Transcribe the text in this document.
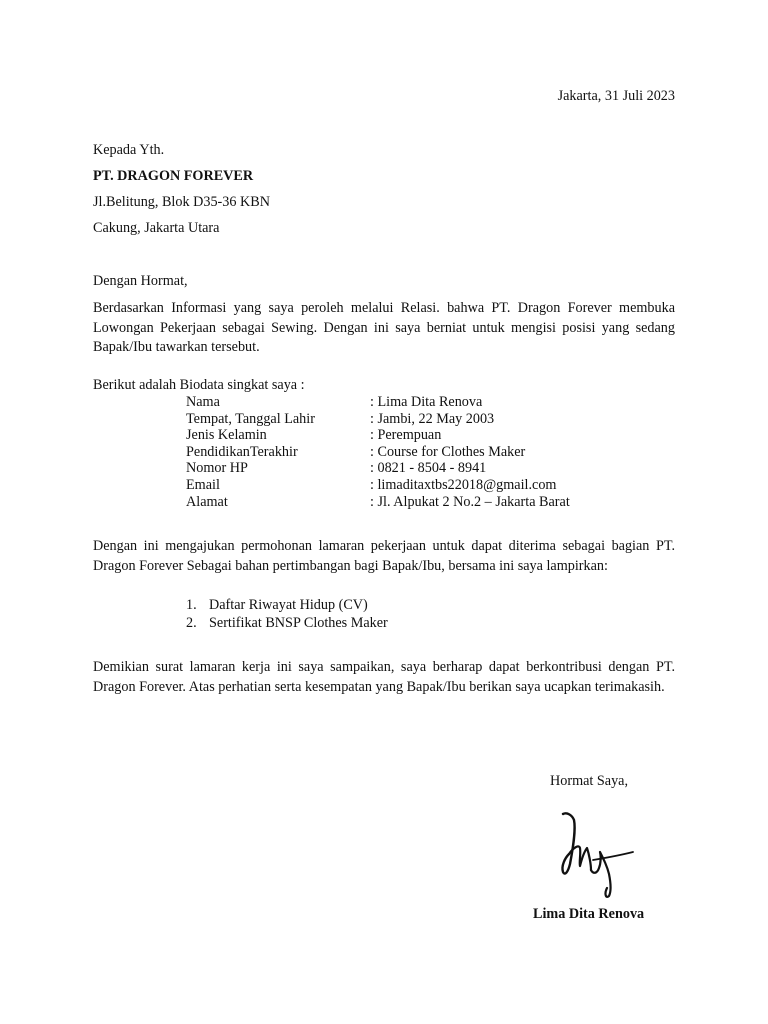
Jakarta, 31 Juli 2023

Kepada Yth.

PT. DRAGON FOREVER

Jl.Belitung, Blok D35-36 KBN

Cakung, Jakarta Utara

Dengan Hormat,

Berdasarkan Informasi yang saya peroleh melalui Relasi. bahwa PT. Dragon Forever membuka Lowongan Pekerjaan sebagai Sewing. Dengan ini saya berniat untuk mengisi posisi yang sedang Bapak/Ibu tawarkan tersebut.

Berikut adalah Biodata singkat saya :

Nama	: Lima Dita Renova
Tempat, Tanggal Lahir	: Jambi, 22 May 2003
Jenis Kelamin	: Perempuan
PendidikanTerakhir	: Course for Clothes Maker
Nomor HP	: 0821 - 8504 - 8941
Email	: limaditaxtbs22018@gmail.com
Alamat	: Jl. Alpukat 2 No.2 – Jakarta Barat

Dengan ini mengajukan permohonan lamaran pekerjaan untuk dapat diterima sebagai bagian PT. Dragon Forever Sebagai bahan pertimbangan bagi Bapak/Ibu, bersama ini saya lampirkan:

1. Daftar Riwayat Hidup (CV)
2. Sertifikat BNSP Clothes Maker

Demikian surat lamaran kerja ini saya sampaikan, saya berharap dapat berkontribusi dengan PT. Dragon Forever. Atas perhatian serta kesempatan yang Bapak/Ibu berikan saya ucapkan terimakasih.

Hormat Saya,

Lima Dita Renova
